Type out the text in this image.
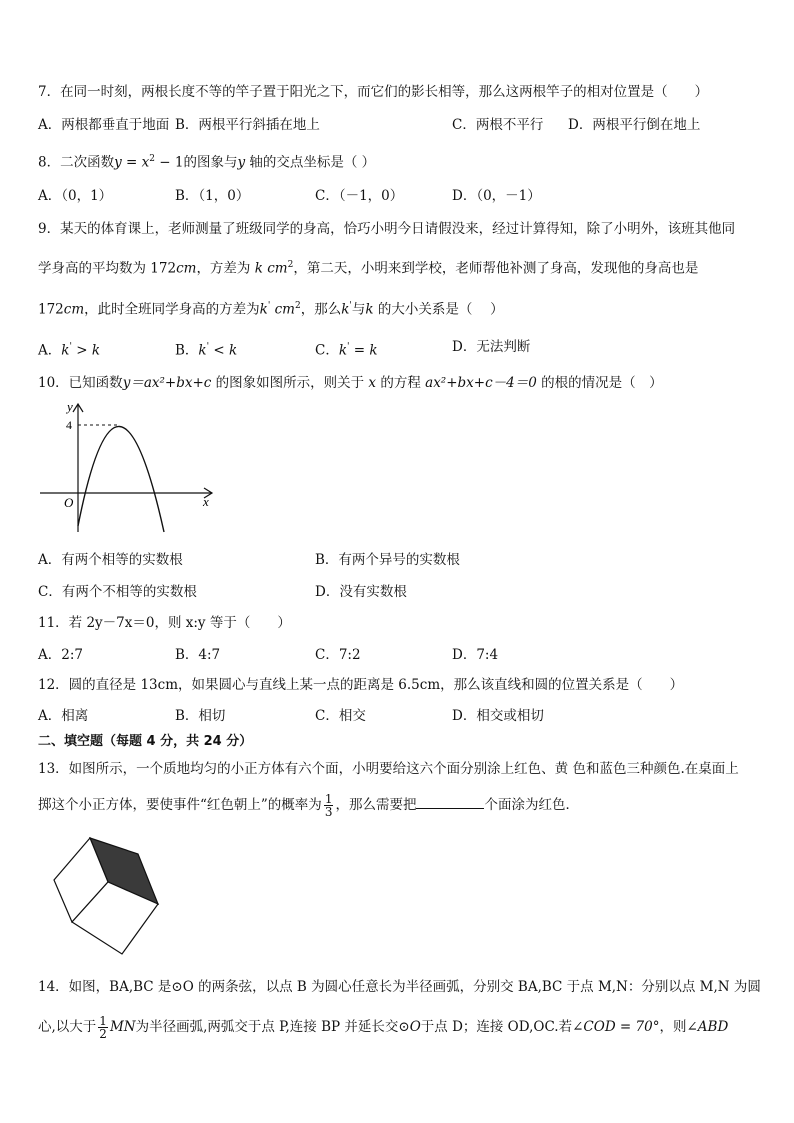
7．在同一时刻，两根长度不等的竿子置于阳光之下，而它们的影长相等，那么这两根竿子的相对位置是（　　）
A．两根都垂直于地面 B．两根平行斜插在地上	C．两根不平行 D．两根平行倒在地上
8．二次函数$y = x^2 - 1$的图象与y 轴的交点坐标是（ ）
A．（0，1）	B．（1，0）	C．（－1，0）	D．（0，－1）
9．某天的体育课上，老师测量了班级同学的身高，恰巧小明今日请假没来，经过计算得知，除了小明外，该班其他同
学身高的平均数为 172cm，方差为 k $cm^2$，第二天，小明来到学校，老师帮他补测了身高，发现他的身高也是
172cm，此时全班同学身高的方差为k' $cm^2$，那么k'与k 的大小关系是（　 ）
A．k' > k	B．k' < k	C．k' = k	D．无法判断
10．已知函数y＝ax²+bx+c 的图象如图所示，则关于 x 的方程 ax²+bx+c－4＝0 的根的情况是（　）
y
x
O
4
A．有两个相等的实数根	B．有两个异号的实数根
C．有两个不相等的实数根	D．没有实数根
11．若 2y－7x＝0，则 x:y 等于（　　）
A．2:7	B．4:7	C．7:2	D．7:4
12．圆的直径是 13cm，如果圆心与直线上某一点的距离是 6.5cm，那么该直线和圆的位置关系是（　　）
A．相离	B．相切	C．相交	D．相交或相切
二、填空题（每题 4 分，共 24 分）
13．如图所示，一个质地均匀的小正方体有六个面，小明要给这六个面分别涂上红色、黄 色和蓝色三种颜色.在桌面上
掷这个小正方体，要使事件“红色朝上”的概率为 $\frac{1}{3}$ ，那么需要把	个面涂为红色．
14．如图，BA,BC 是⊙O 的两条弦，以点 B 为圆心任意长为半径画弧，分别交 BA,BC 于点 M,N：分别以点 M,N 为圆
心,以大于 $\frac{1}{2}$ MN为半径画弧,两弧交于点 P,连接 BP 并延长交⊙O于点 D；连接 OD,OC.若∠COD = 70°，则∠ABD
